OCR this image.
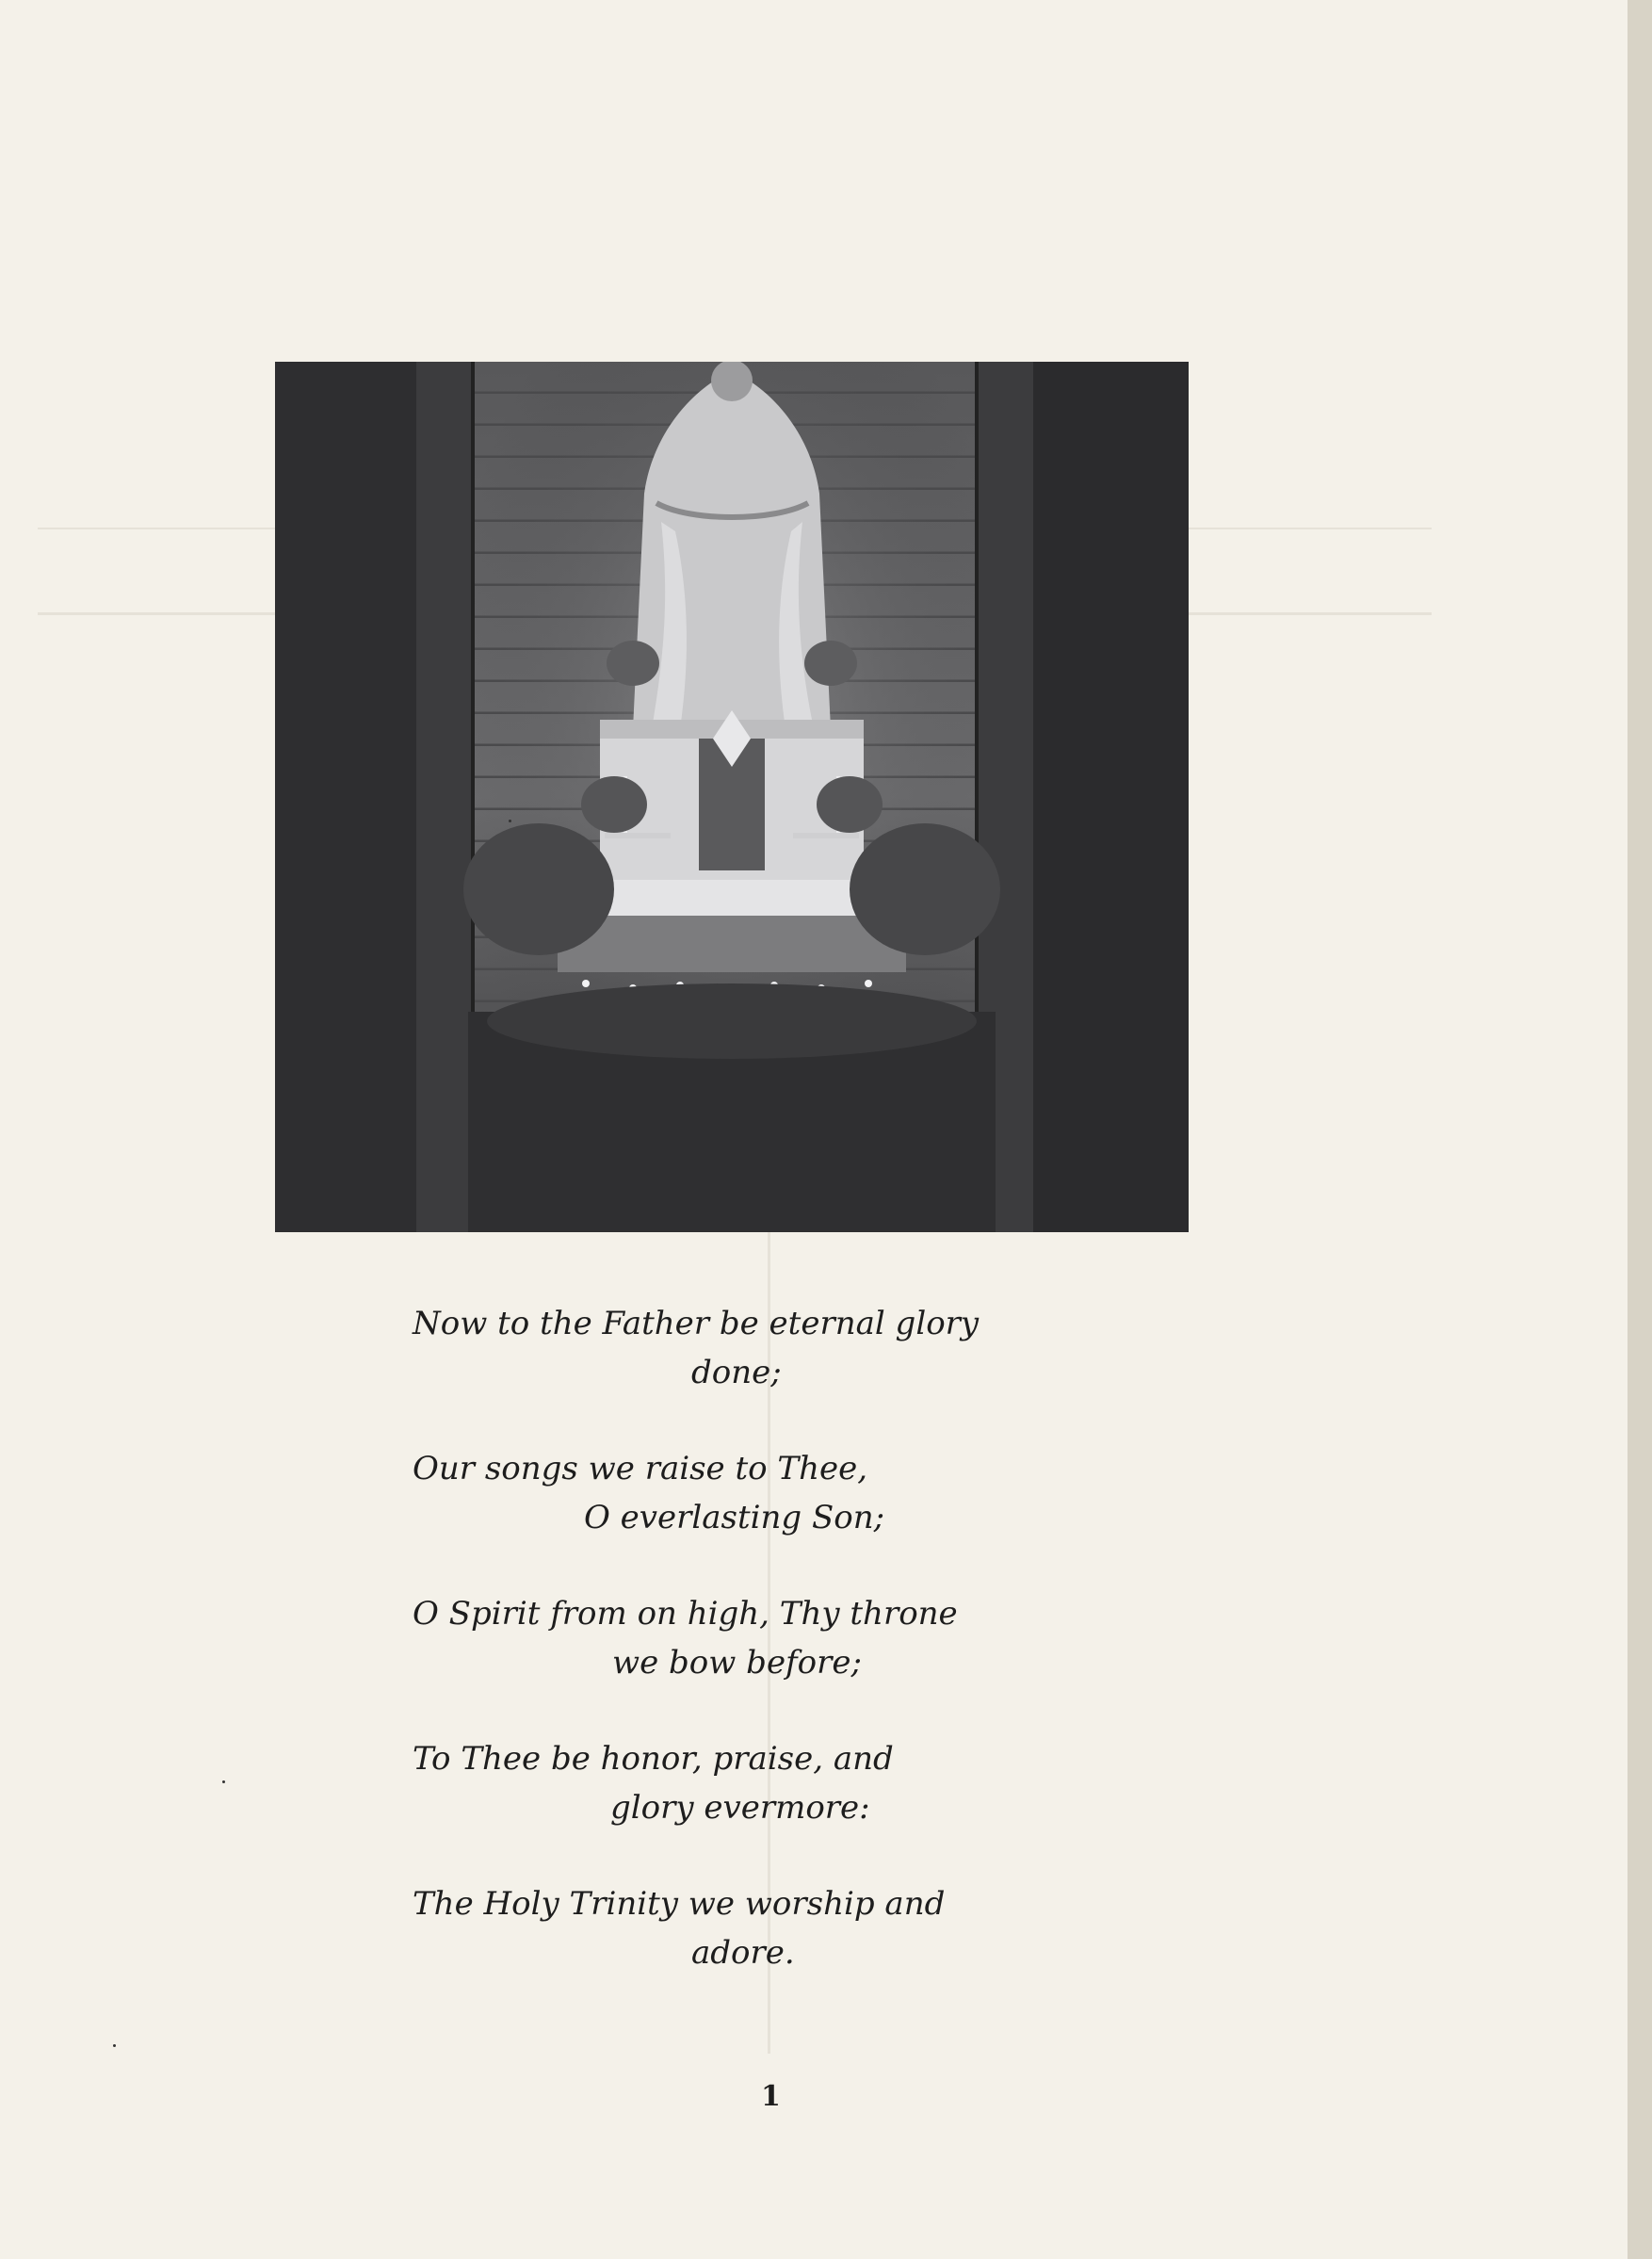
Now to the Father be eternal glory
done;
Our songs we raise to Thee,
O everlasting Son;
O Spirit from on high, Thy throne
we bow before;
To Thee be honor, praise, and
glory evermore:
The Holy Trinity we worship and
adore.
1
